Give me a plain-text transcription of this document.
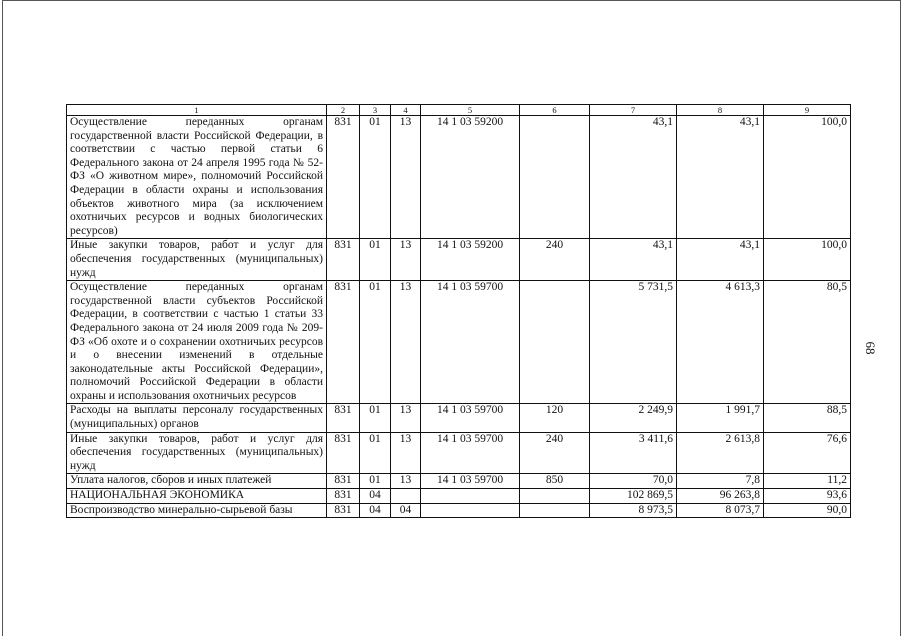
1	2	3	4	5	6	7	8	9
Осуществление переданных органам государственной власти Российской Федерации, в соответствии с частью первой статьи 6 Федерального закона от 24 апреля 1995 года № 52-ФЗ «О животном мире», полномочий Российской Федерации в области охраны и использования объектов животного мира (за исключением охотничьих ресурсов и водных биологических ресурсов)	831	01	13	14 1 03 59200		43,1	43,1	100,0
Иные закупки товаров, работ и услуг для обеспечения государственных (муниципальных) нужд	831	01	13	14 1 03 59200	240	43,1	43,1	100,0
Осуществление переданных органам государственной власти субъектов Российской Федерации, в соответствии с частью 1 статьи 33 Федерального закона от 24 июля 2009 года № 209-ФЗ «Об охоте и о сохранении охотничьих ресурсов и о внесении изменений в отдельные законодательные акты Российской Федерации», полномочий Российской Федерации в области охраны и использования охотничьих ресурсов	831	01	13	14 1 03 59700		5 731,5	4 613,3	80,5
Расходы на выплаты персоналу государственных (муниципальных) органов	831	01	13	14 1 03 59700	120	2 249,9	1 991,7	88,5
Иные закупки товаров, работ и услуг для обеспечения государственных (муниципальных) нужд	831	01	13	14 1 03 59700	240	3 411,6	2 613,8	76,6
Уплата налогов, сборов и иных платежей	831	01	13	14 1 03 59700	850	70,0	7,8	11,2
НАЦИОНАЛЬНАЯ ЭКОНОМИКА	831	04				102 869,5	96 263,8	93,6
Воспроизводство минерально-сырьевой базы	831	04	04			8 973,5	8 073,7	90,0
68
